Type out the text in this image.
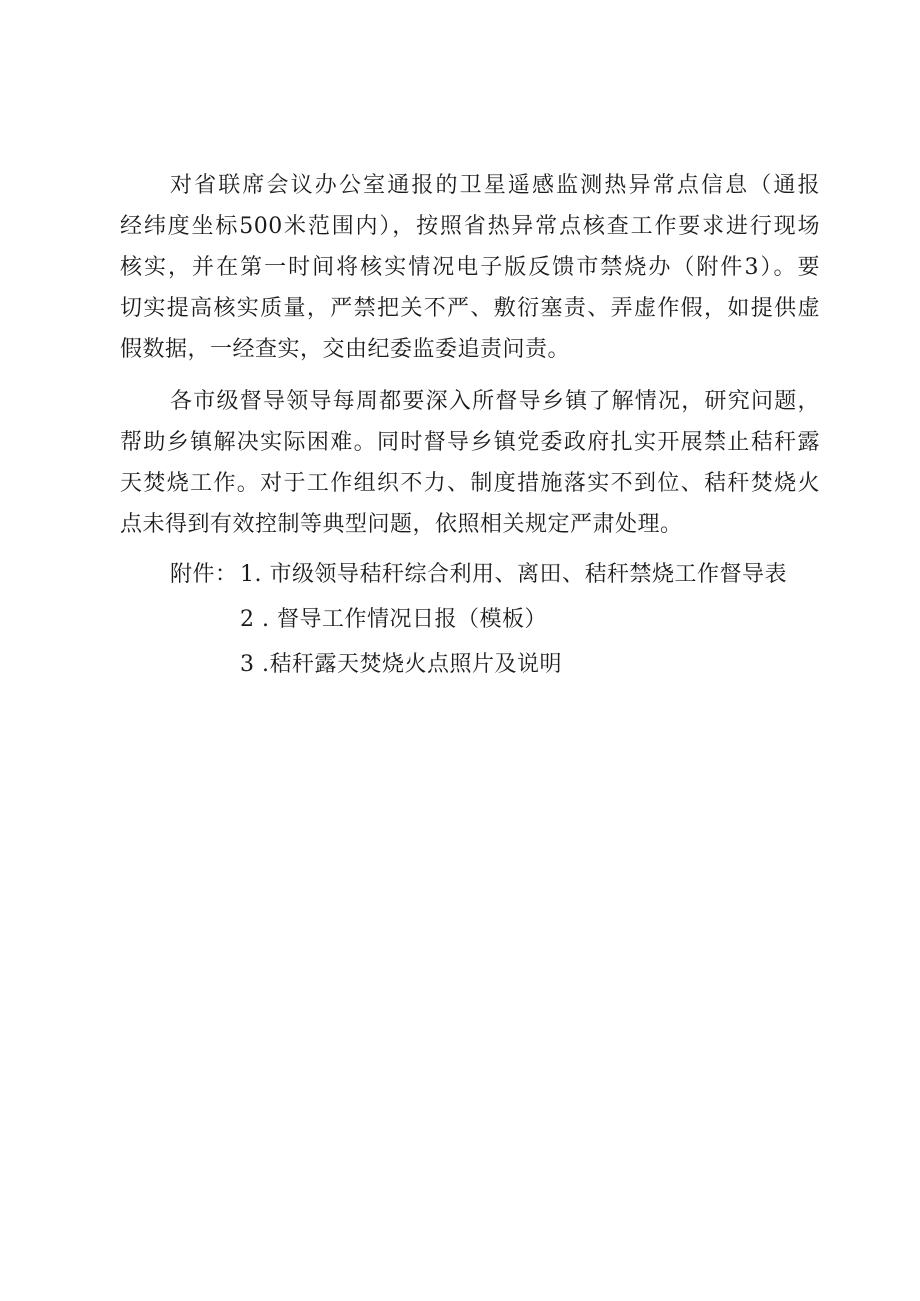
对省联席会议办公室通报的卫星遥感监测热异常点信息（通报
经纬度坐标500米范围内），按照省热异常点核查工作要求进行现场
核实，并在第一时间将核实情况电子版反馈市禁烧办（附件3）。要
切实提高核实质量，严禁把关不严、敷衍塞责、弄虚作假，如提供虚
假数据，一经查实，交由纪委监委追责问责。
各市级督导领导每周都要深入所督导乡镇了解情况，研究问题，
帮助乡镇解决实际困难。同时督导乡镇党委政府扎实开展禁止秸秆露
天焚烧工作。对于工作组织不力、制度措施落实不到位、秸秆焚烧火
点未得到有效控制等典型问题，依照相关规定严肃处理。
附件： 1. 市级领导秸秆综合利用、离田、秸秆禁烧工作督导表
2 . 督导工作情况日报（模板）
3 .秸秆露天焚烧火点照片及说明
